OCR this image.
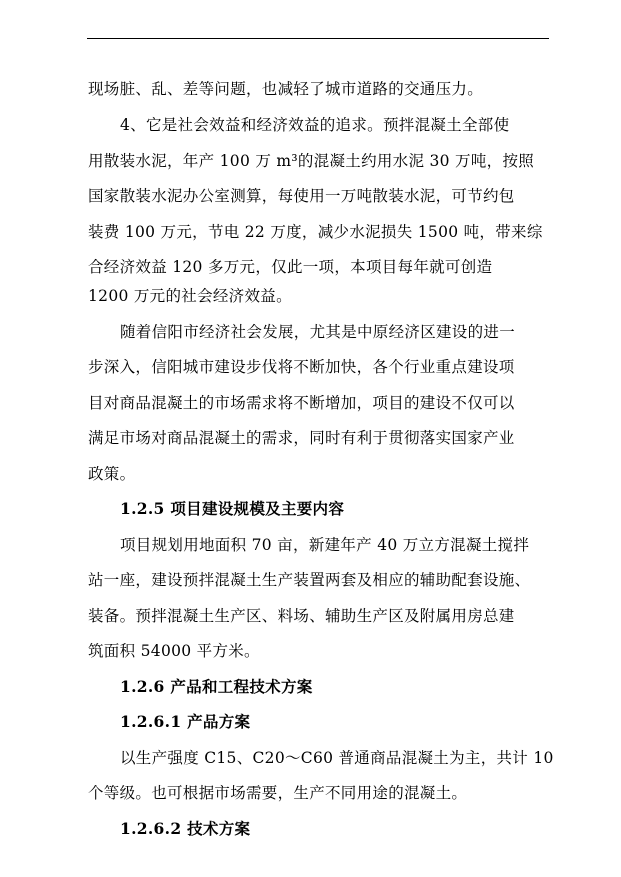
现场脏、乱、差等问题，也减轻了城市道路的交通压力。
4、它是社会效益和经济效益的追求。预拌混凝土全部使
用散装水泥，年产 100 万 m³的混凝土约用水泥 30 万吨，按照
国家散装水泥办公室测算，每使用一万吨散装水泥，可节约包
装费 100 万元，节电 22 万度，减少水泥损失 1500 吨，带来综
合经济效益 120 多万元，仅此一项，本项目每年就可创造
1200 万元的社会经济效益。
随着信阳市经济社会发展，尤其是中原经济区建设的进一
步深入，信阳城市建设步伐将不断加快，各个行业重点建设项
目对商品混凝土的市场需求将不断增加，项目的建设不仅可以
满足市场对商品混凝土的需求，同时有利于贯彻落实国家产业
政策。
1.2.5 项目建设规模及主要内容
项目规划用地面积 70 亩，新建年产 40 万立方混凝土搅拌
站一座，建设预拌混凝土生产装置两套及相应的辅助配套设施、
装备。预拌混凝土生产区、料场、辅助生产区及附属用房总建
筑面积 54000 平方米。
1.2.6 产品和工程技术方案
1.2.6.1 产品方案
以生产强度 C15、C20～C60 普通商品混凝土为主，共计 10
个等级。也可根据市场需要，生产不同用途的混凝土。
1.2.6.2 技术方案
